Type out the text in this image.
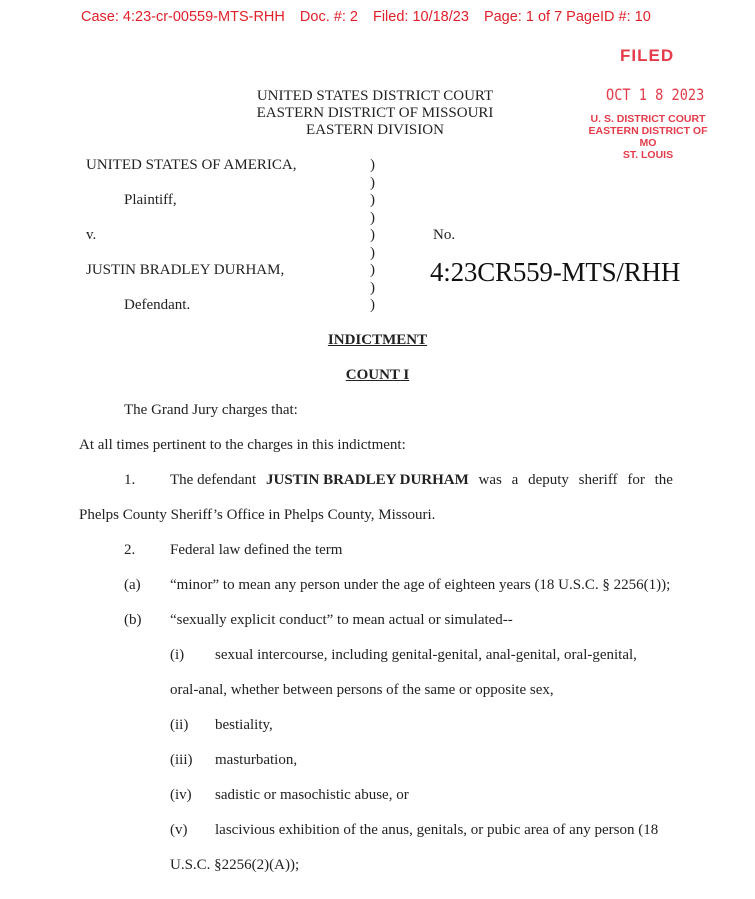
Case: 4:23-cr-00559-MTS-RHH Doc. #: 2 Filed: 10/18/23 Page: 1 of 7 PageID #: 10
UNITED STATES DISTRICT COURT
EASTERN DISTRICT OF MISSOURI
EASTERN DIVISION
FILED
OCT 1 8 2023
U. S. DISTRICT COURT
EASTERN DISTRICT OF MO
ST. LOUIS
UNITED STATES OF AMERICA,
Plaintiff,
v.
JUSTIN BRADLEY DURHAM,
Defendant.
)
)
)
)
)
)
)
)
)
No.
4:23CR559-MTS/RHH
INDICTMENT
COUNT I
The Grand Jury charges that:
At all times pertinent to the charges in this indictment:
1. The defendant JUSTIN BRADLEY DURHAM was a deputy sheriff for the
Phelps County Sheriff’s Office in Phelps County, Missouri.
2. Federal law defined the term
(a) “minor” to mean any person under the age of eighteen years (18 U.S.C. § 2256(1));
(b) “sexually explicit conduct” to mean actual or simulated--
(i) sexual intercourse, including genital-genital, anal-genital, oral-genital,
oral-anal, whether between persons of the same or opposite sex,
(ii) bestiality,
(iii) masturbation,
(iv) sadistic or masochistic abuse, or
(v) lascivious exhibition of the anus, genitals, or pubic area of any person (18
U.S.C. §2256(2)(A));
